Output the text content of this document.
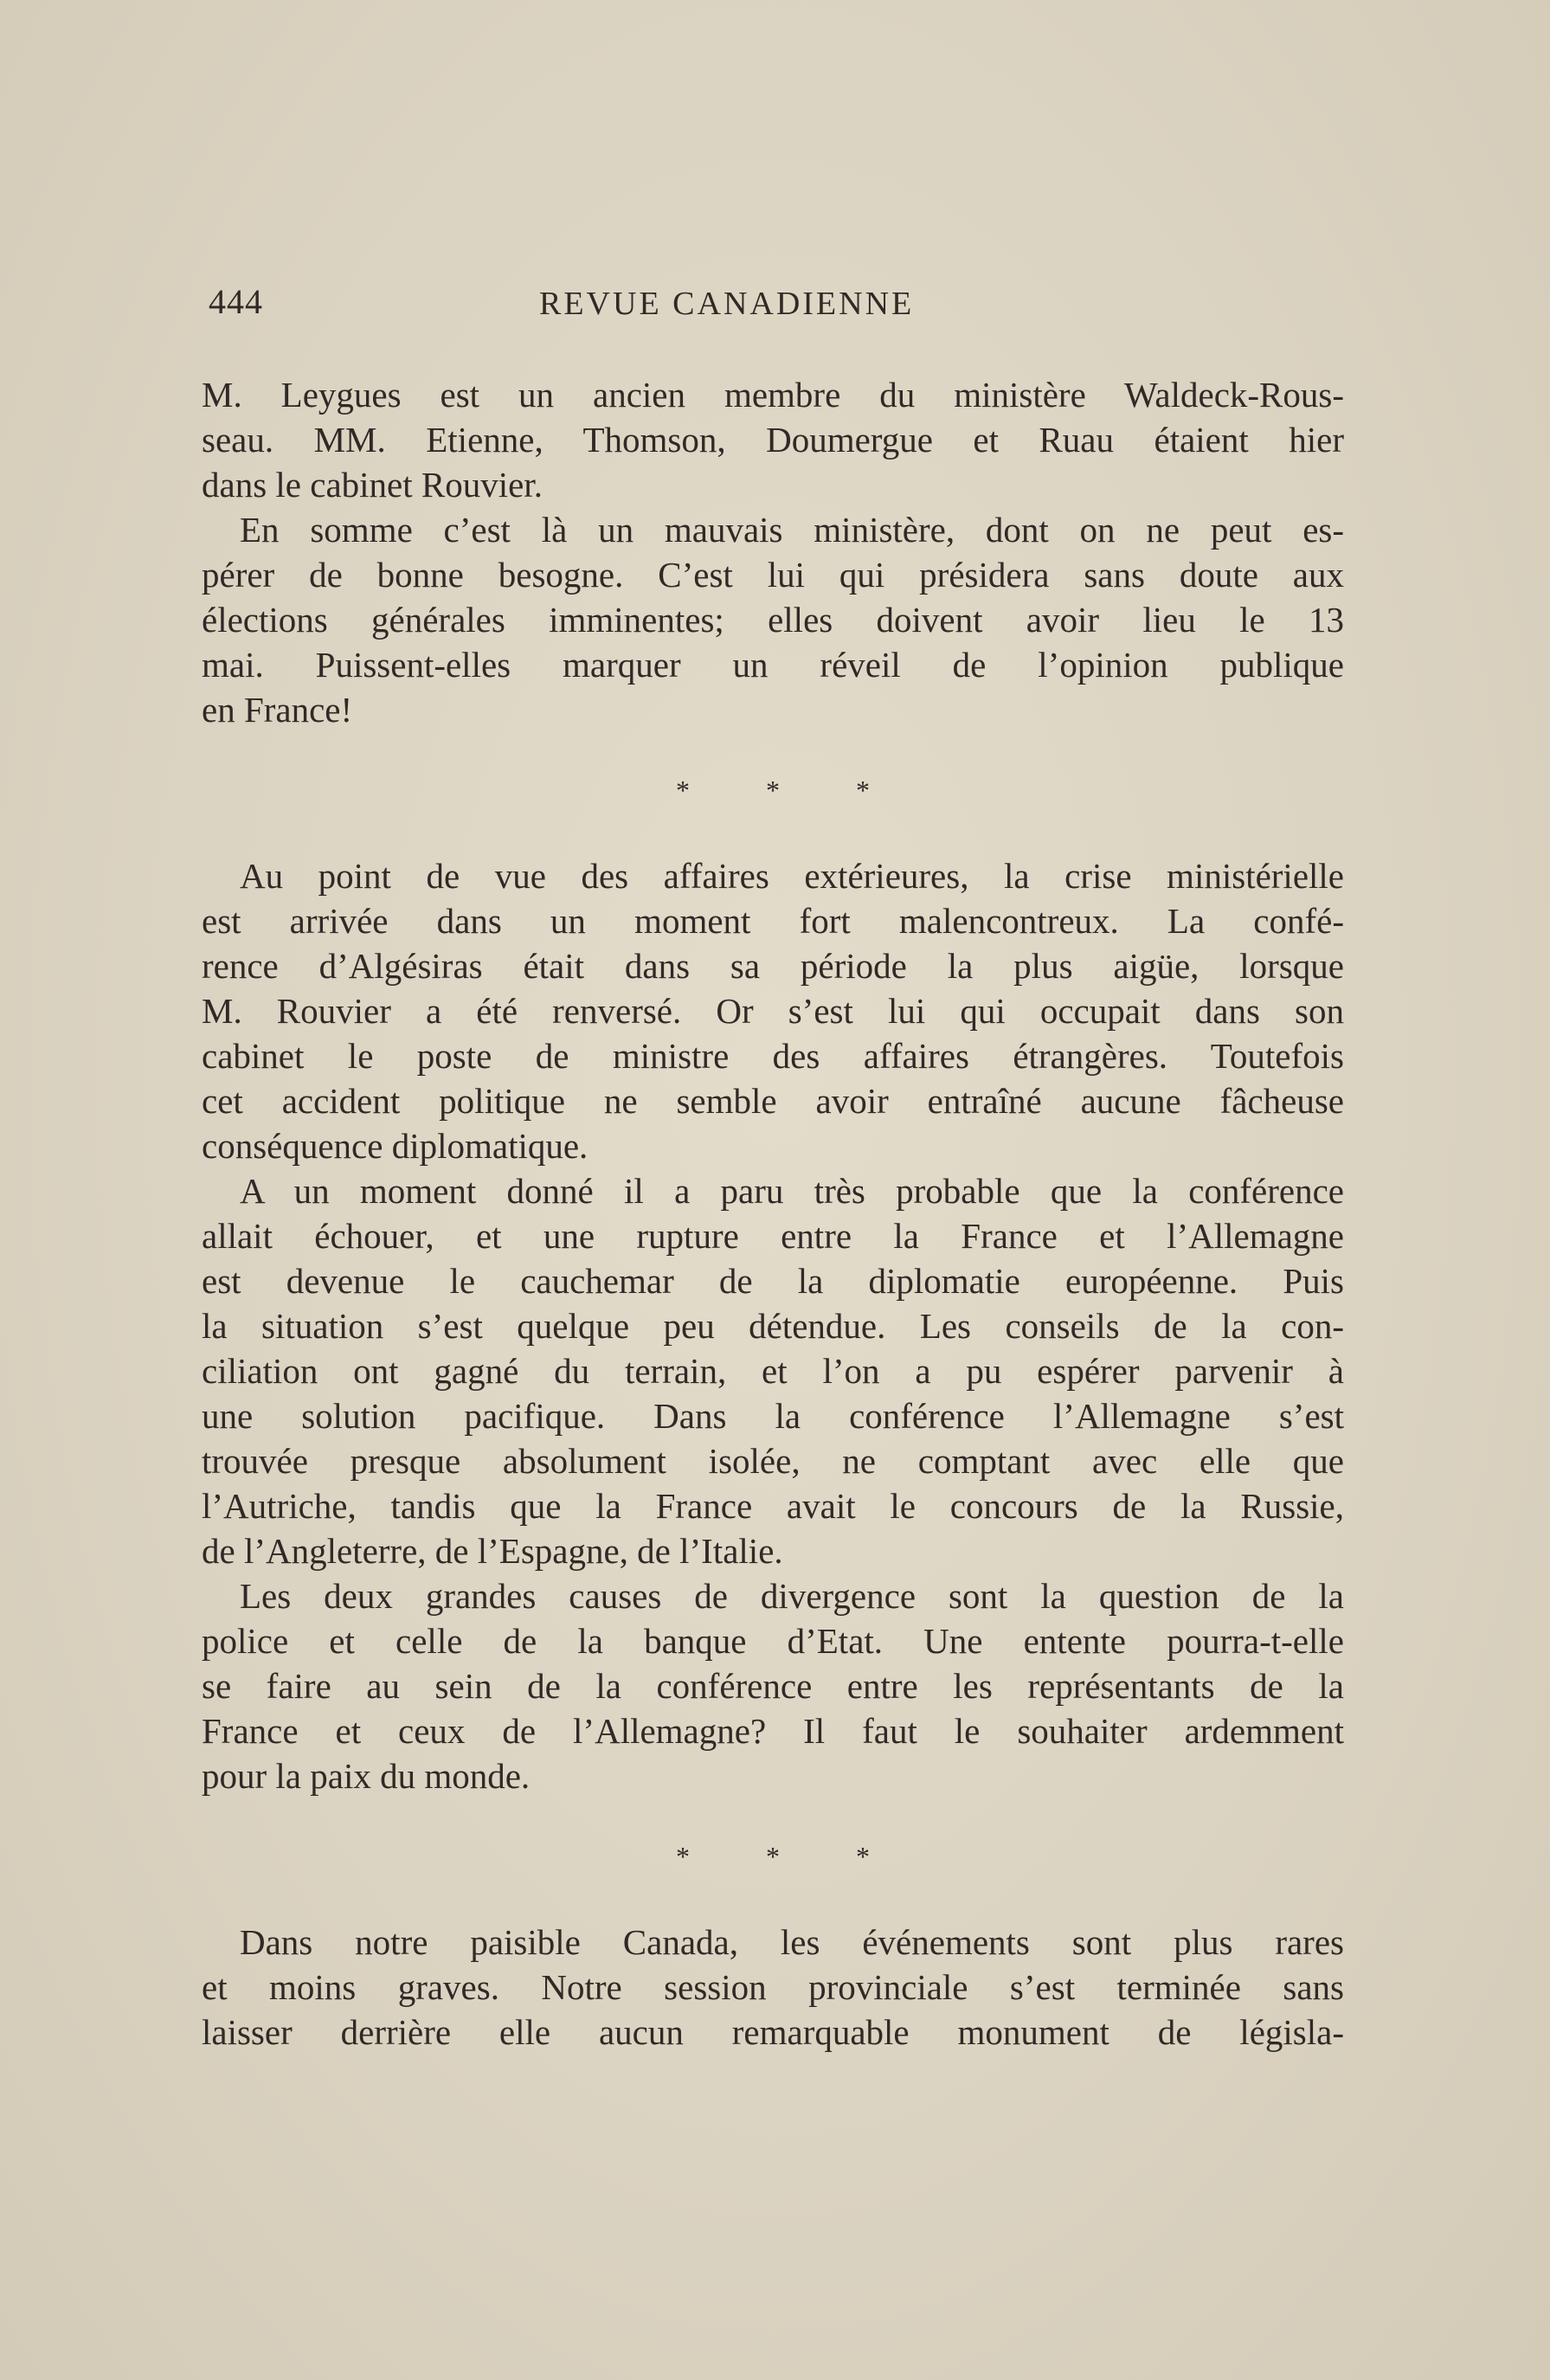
444	REVUE CANADIENNE
M. Leygues est un ancien membre du ministère Waldeck-Rous-
seau. MM. Etienne, Thomson, Doumergue et Ruau étaient hier
dans le cabinet Rouvier.
En somme c’est là un mauvais ministère, dont on ne peut es-
pérer de bonne besogne. C’est lui qui présidera sans doute aux
élections générales imminentes; elles doivent avoir lieu le 13
mai. Puissent-elles marquer un réveil de l’opinion publique
en France!
* * *
Au point de vue des affaires extérieures, la crise ministérielle
est arrivée dans un moment fort malencontreux. La confé-
rence d’Algésiras était dans sa période la plus aigüe, lorsque
M. Rouvier a été renversé. Or s’est lui qui occupait dans son
cabinet le poste de ministre des affaires étrangères. Toutefois
cet accident politique ne semble avoir entraîné aucune fâcheuse
conséquence diplomatique.
A un moment donné il a paru très probable que la conférence
allait échouer, et une rupture entre la France et l’Allemagne
est devenue le cauchemar de la diplomatie européenne. Puis
la situation s’est quelque peu détendue. Les conseils de la con-
ciliation ont gagné du terrain, et l’on a pu espérer parvenir à
une solution pacifique. Dans la conférence l’Allemagne s’est
trouvée presque absolument isolée, ne comptant avec elle que
l’Autriche, tandis que la France avait le concours de la Russie,
de l’Angleterre, de l’Espagne, de l’Italie.
Les deux grandes causes de divergence sont la question de la
police et celle de la banque d’Etat. Une entente pourra-t-elle
se faire au sein de la conférence entre les représentants de la
France et ceux de l’Allemagne? Il faut le souhaiter ardemment
pour la paix du monde.
* * *
Dans notre paisible Canada, les événements sont plus rares
et moins graves. Notre session provinciale s’est terminée sans
laisser derrière elle aucun remarquable monument de législa-
